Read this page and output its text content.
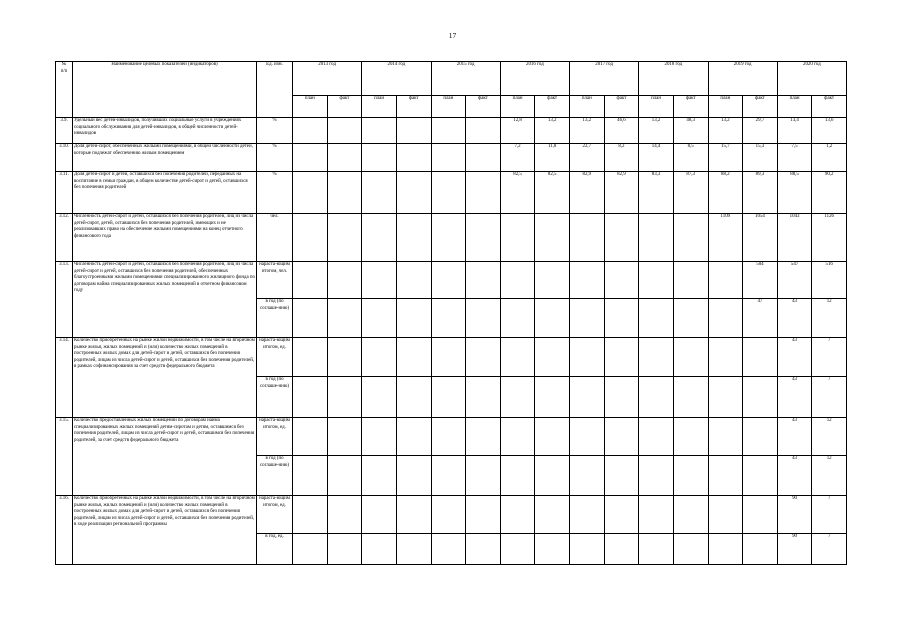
17
№
п/п	Наименование целевых показателей (индикаторов)	Ед. изм.	2013 год		2014 год		2015 год		2016 год		2017 год		2018 год		2019 год		2020 год	
			план	факт	план	факт	план	факт	план	факт	план	факт	план	факт	план	факт	план	факт
3.9.	Удельный вес детей-инвалидов, получивших социальные услуги в учреждениях социального обслуживания для детей-инвалидов, в общей численности детей-инвалидов	%							12,8	13,2	13,2	46,6	13,2	48,3	13,2	29,7	13,4	13,6
3.10.	Доля детей-сирот, обеспеченных жилыми помещениями, в общей численности детей, которые подлежат обеспечению жилым помещением	%							7,2	11,8	22,7	8,2	14,4	8,5	15,7	15,3	7,5	1,2
3.11.	Доля детей-сирот и детей, оставшихся без попечения родителей, переданных на воспитание в семьи граждан, в общем количестве детей-сирот и детей, оставшихся без попечения родителей	%							82,5	82,5	82,9	82,9	83,3	87,3	88,2	89,3	88,5	90,2
3.12.	Численность детей-сирот и детей, оставшихся без попечения родителей, лиц из числа детей-сирот, детей, оставшихся без попечения родителей, имеющих и не реализовавших право на обеспечение жилыми помещениями на конец отчетного финансового года	чел.													1109	1054	1043	1126
3.13.	Численность детей-сирот и детей, оставшихся без попечения родителей, лиц из числа детей-сирот и детей, оставшихся без попечения родителей, обеспеченных благоустроенными жилыми помещениями специализированного жилищного фонда по договорам найма специализированных жилых помещений в отчетном финансовом году	нараста-ющим итогом, чел.														504	547	516
		в год (по соглаше-нию)														47	43	12
3.14.	Количество приобретенных на рынке жилой недвижимости, в том числе на вторичном рынке жилья, жилых помещений и (или) количество жилых помещений в построенных жилых домах для детей-сирот и детей, оставшихся без попечения родителей, лицам из числа детей-сирот и детей, оставшихся без попечения родителей, в рамках софинансирования за счет средств федерального бюджета	нараста-ющим итогом, ед.															43	7
		в год (по соглаше-нию)															43	7
3.15.	Количество предоставленных жилых помещений по договорам найма специализированных жилых помещений детям-сиротам и детям, оставшимся без попечения родителей, лицам из числа детей-сирот и детей, оставшимся без попечения родителей, за счет средств федерального бюджета	нараста-ющим итогом, ед.															43	12
		в год (по соглаше-нию)															43	12
3.16.	Количество приобретенных на рынке жилой недвижимости, в том числе на вторичном рынке жилья, жилых помещений и (или) количество жилых помещений в построенных жилых домах для детей-сирот и детей, оставшихся без попечения родителей, лицам из числа детей-сирот и детей, оставшихся без попечения родителей, в ходе реализации региональной программы	нараста-ющим итогом, ед.															90	7
		в год, ед.															90	7
